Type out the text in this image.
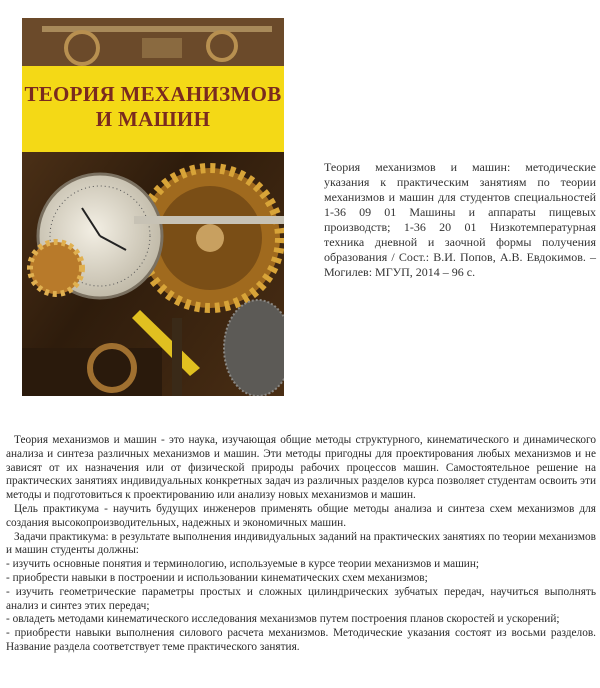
ТЕОРИЯ МЕХАНИЗМОВ
И МАШИН
Теория механизмов и машин: методические указания к практическим занятиям по теории механизмов и машин для студентов специальностей 1-36 09 01 Машины и аппараты пищевых производств; 1-36 20 01 Низкотемпературная техника дневной и заочной формы получения образования / Сост.: В.И. Попов, А.В. Евдокимов. – Могилев: МГУП, 2014 – 96 с.

Теория механизмов и машин - это наука, изучающая общие методы структурного, кинематического и динамического анализа и синтеза различных механизмов и машин. Эти методы пригодны для проектирования любых механизмов и не зависят от их назначения или от физической природы рабочих процессов машин. Самостоятельное решение на практических занятиях индивидуальных конкретных задач из различных разделов курса позволяет студентам освоить эти методы и подготовиться к проектированию или анализу новых механизмов и машин.

Цель практикума - научить будущих инженеров применять общие методы анализа и синтеза схем механизмов для создания высокопроизводительных, надежных и экономичных машин.

Задачи практикума: в результате выполнения индивидуальных заданий на практических занятиях по теории механизмов и машин студенты должны:

- изучить основные понятия и терминологию, используемые в курсе теории механизмов и машин;

- приобрести навыки в построении и использовании кинематических схем механизмов;

- изучить геометрические параметры простых и сложных цилиндрических зубчатых передач, научиться выполнять анализ и синтез этих передач;

- овладеть методами кинематического исследования механизмов путем построения планов скоростей и ускорений;

- приобрести навыки выполнения силового расчета механизмов. Методические указания состоят из восьми разделов. Название раздела соответствует теме практического занятия.
